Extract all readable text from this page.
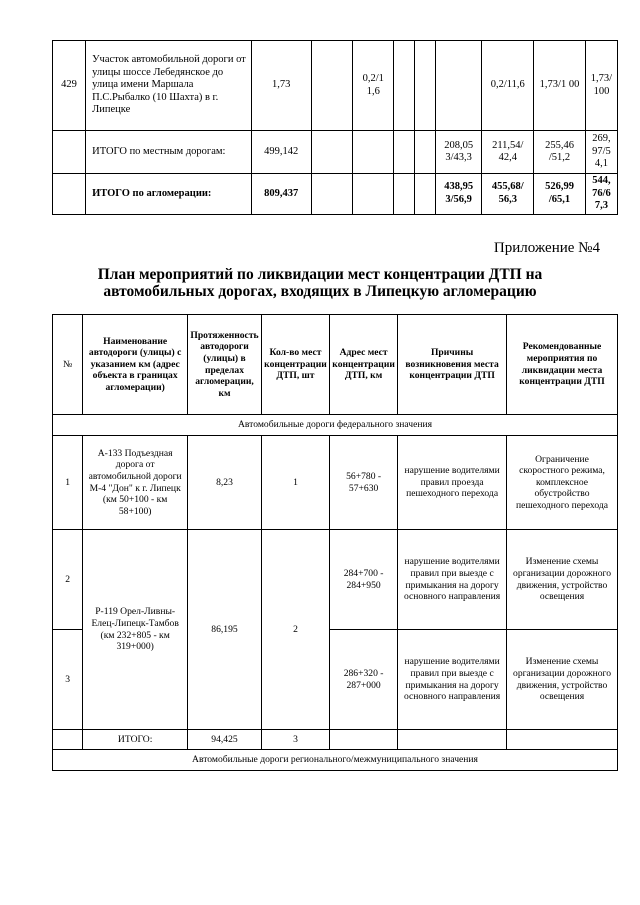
429	Участок автомобильной дороги от улицы шоссе Лебедянское до улица имени Маршала П.С.Рыбалко (10 Шахта) в г. Липецке	1,73		0,2/1 1,6				0,2/11,6	1,73/1 00	1,73/ 100
	ИТОГО по местным дорогам:	499,142					208,05 3/43,3	211,54/ 42,4	255,46 /51,2	269, 97/5 4,1
	ИТОГО по агломерации:	809,437					438,95 3/56,9	455,68/ 56,3	526,99 /65,1	544, 76/6 7,3
Приложение №4
План мероприятий по ликвидации мест концентрации ДТП на
автомобильных дорогах, входящих в Липецкую агломерацию
№	Наименование автодороги (улицы) с указанием км (адрес объекта в границах агломерации)	Протяженность автодороги (улицы) в пределах агломерации, км	Кол-во мест концентрации ДТП, шт	Адрес мест концентрации ДТП, км	Причины возникновения места концентрации ДТП	Рекомендованные мероприятия по ликвидации места концентрации ДТП
Автомобильные дороги федерального значения						
1	А-133 Подъездная дорога от автомобильной дороги М-4 "Дон" к г. Липецк (км 50+100 - км 58+100)	8,23	1	56+780 - 57+630	нарушение водителями правил проезда пешеходного перехода	Ограничение скоростного режима, комплексное обустройство пешеходного перехода
2	Р-119 Орел-Ливны-Елец-Липецк-Тамбов (км 232+805 - км 319+000)	86,195	2	284+700 - 284+950	нарушение водителями правил при выезде с примыкания на дорогу основного направления	Изменение схемы организации дорожного движения, устройство освещения
3				286+320 - 287+000	нарушение водителями правил при выезде с примыкания на дорогу основного направления	Изменение схемы организации дорожного движения, устройство освещения
	ИТОГО:	94,425	3			
Автомобильные дороги регионального/межмуниципального значения						
